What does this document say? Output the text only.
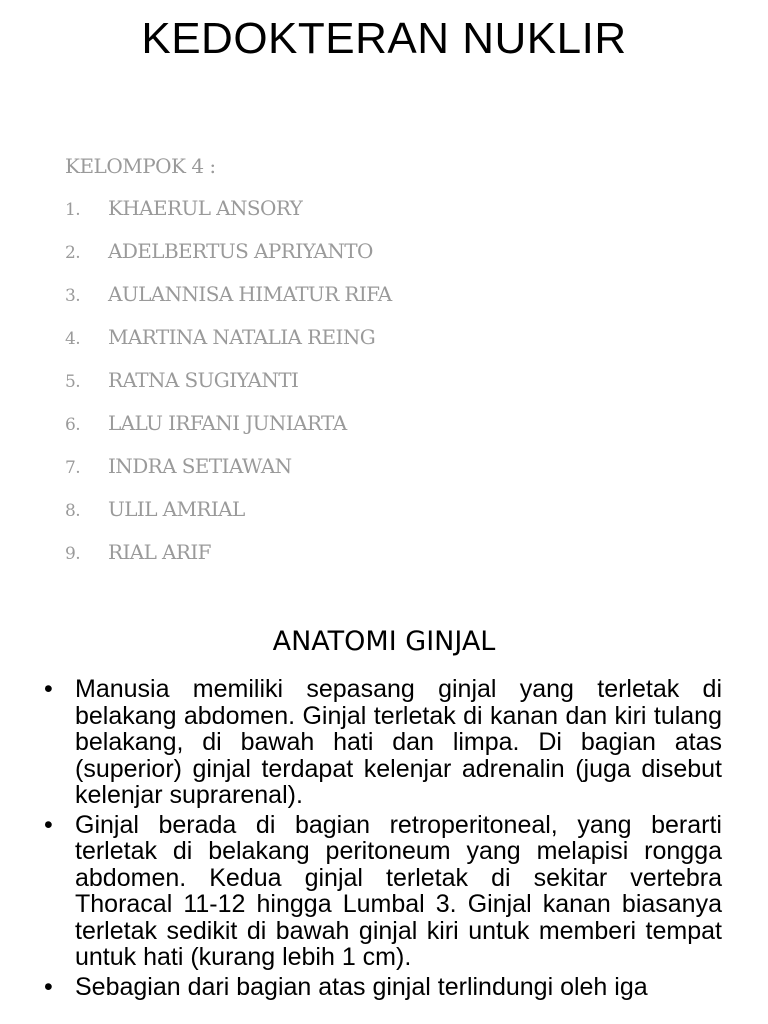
KEDOKTERAN NUKLIR
KELOMPOK 4 :
1.	KHAERUL ANSORY
2.	ADELBERTUS APRIYANTO
3.	AULANNISA HIMATUR RIFA
4.	MARTINA NATALIA REING
5.	RATNA SUGIYANTI
6.	LALU IRFANI JUNIARTA
7.	INDRA SETIAWAN
8.	ULIL AMRIAL
9.	RIAL ARIF
ANATOMI GINJAL
• Manusia memiliki sepasang ginjal yang terletak di belakang abdomen. Ginjal terletak di kanan dan kiri tulang belakang, di bawah hati dan limpa. Di bagian atas (superior) ginjal terdapat kelenjar adrenalin (juga disebut kelenjar suprarenal).
• Ginjal berada di bagian retroperitoneal, yang berarti terletak di belakang peritoneum yang melapisi rongga abdomen. Kedua ginjal terletak di sekitar vertebra Thoracal 11-12 hingga Lumbal 3. Ginjal kanan biasanya terletak sedikit di bawah ginjal kiri untuk memberi tempat untuk hati (kurang lebih 1 cm).
• Sebagian dari bagian atas ginjal terlindungi oleh iga
